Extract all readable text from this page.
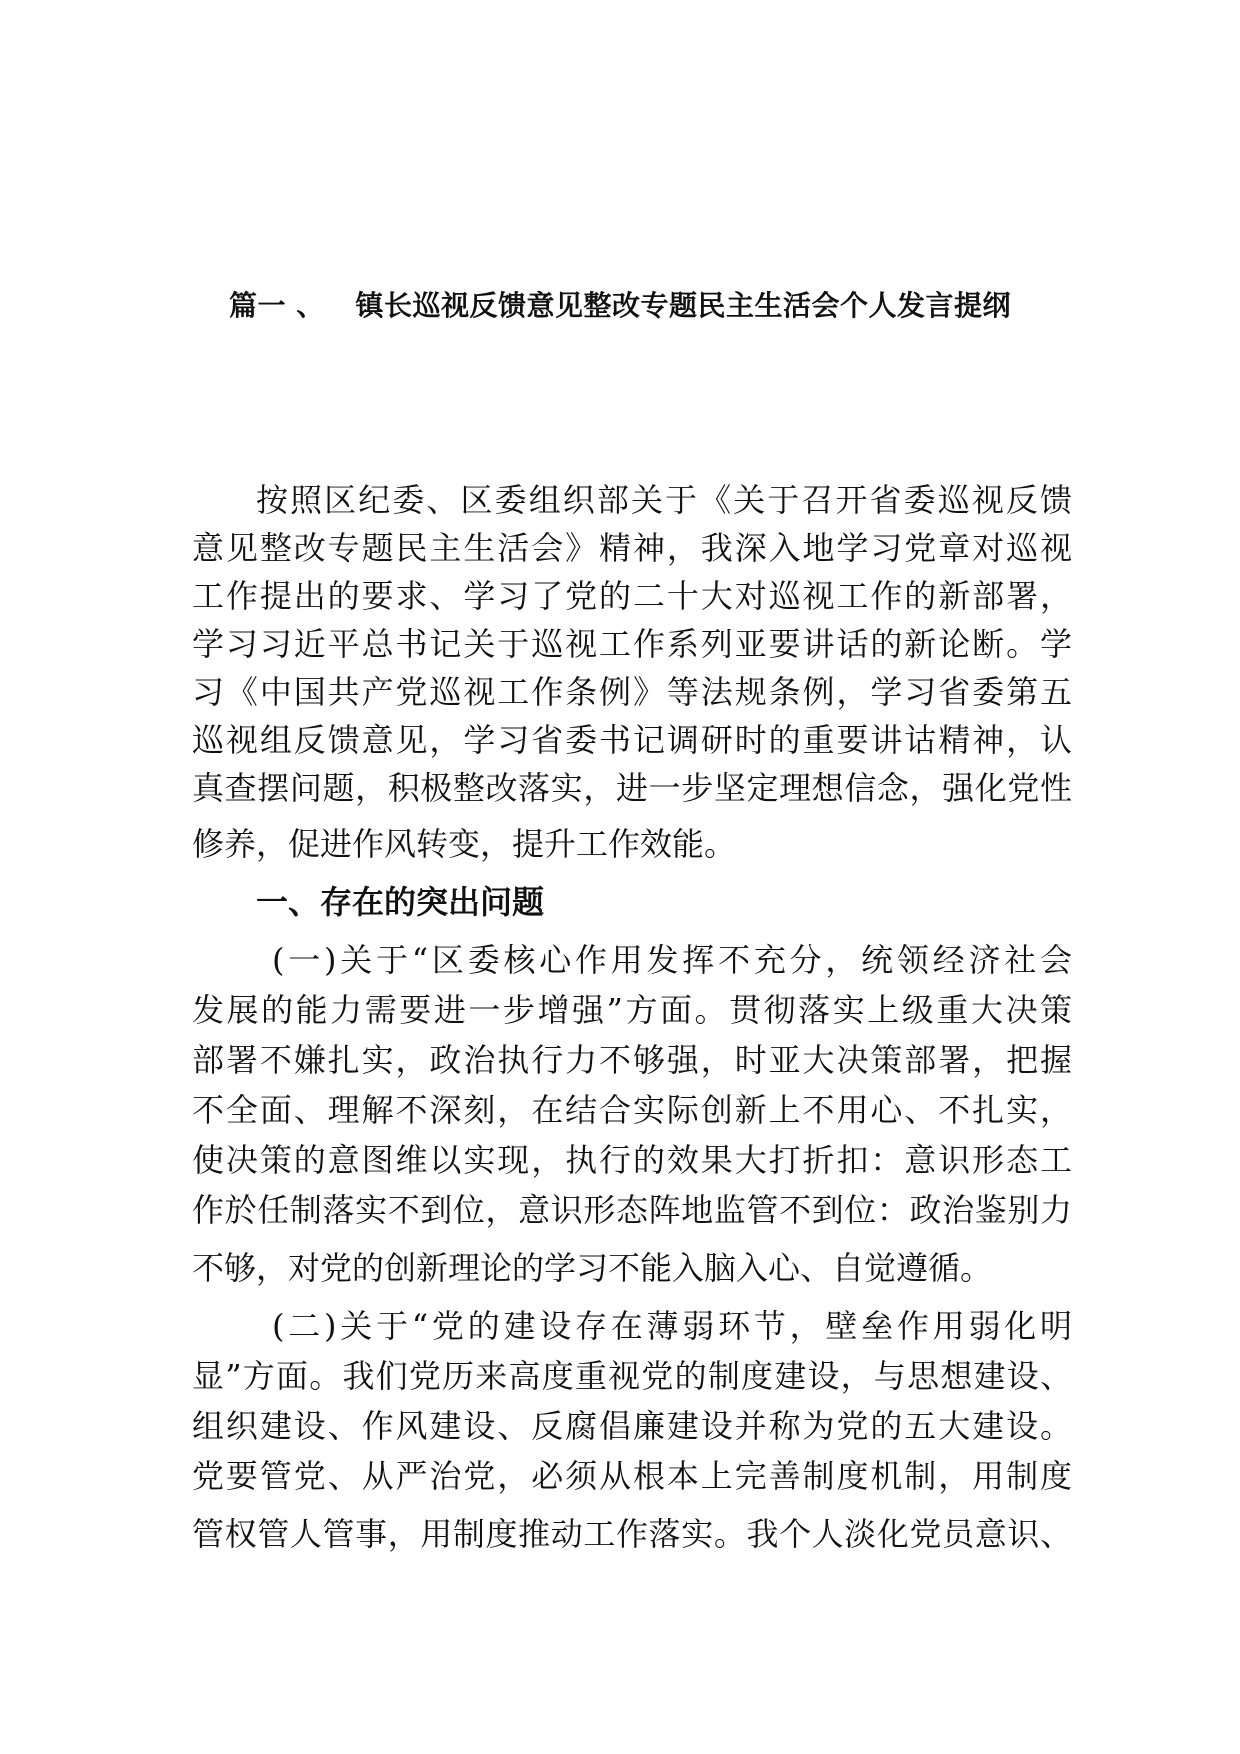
篇一 、   镇长巡视反馈意见整改专题民主生活会个人发言提纲
按照区纪委、区委组织部关于《关于召开省委巡视反馈
意见整改专题民主生活会》精神，我深入地学习党章对巡视
工作提出的要求、学习了党的二十大对巡视工作的新部署，
学习习近平总书记关于巡视工作系列亚要讲话的新论断。学
习《中国共产党巡视工作条例》等法规条例，学习省委第五
巡视组反馈意见，学习省委书记调研时的重要讲诂精神，认
真查摆问题，积极整改落实，进一步坚定理想信念，强化党性
修养，促进作风转变，提升工作效能。
一、存在的突出问题
(一)关于“区委核心作用发挥不充分，统领经济社会
发展的能力需要进一步增强”方面。贯彻落实上级重大决策
部署不嫌扎实，政治执行力不够强，时亚大决策部署，把握
不全面、理解不深刻，在结合实际创新上不用心、不扎实，
使决策的意图维以实现，执行的效果大打折扣：意识形态工
作於任制落实不到位，意识形态阵地监管不到位：政治鉴别力
不够，对党的创新理论的学习不能入脑入心、自觉遵循。
(二)关于“党的建设存在薄弱环节，壁垒作用弱化明
显”方面。我们党历来高度重视党的制度建设，与思想建设、
组织建设、作风建设、反腐倡廉建设并称为党的五大建设。
党要管党、从严治党，必须从根本上完善制度机制，用制度
管权管人管事，用制度推动工作落实。我个人淡化党员意识、
